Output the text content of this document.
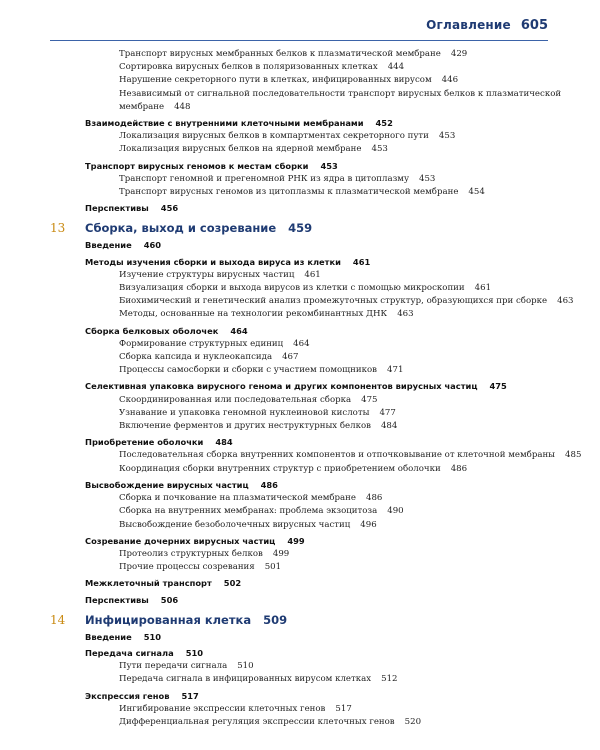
Оглавление 605
Транспорт вирусных мембранных белков к плазматической мембране 429
Сортировка вирусных белков в поляризованных клетках 444
Нарушение секреторного пути в клетках, инфицированных вирусом 446
Независимый от сигнальной последовательности транспорт вирусных белков к плазматической
мембране 448
Взаимодействие с внутренними клеточными мембранами 452
Локализация вирусных белков в компартментах секреторного пути 453
Локализация вирусных белков на ядерной мембране 453
Транспорт вирусных геномов к местам сборки 453
Транспорт геномной и прегеномной РНК из ядра в цитоплазму 453
Транспорт вирусных геномов из цитоплазмы к плазматической мембране 454
Перспективы 456
13 Сборка, выход и созревание 459
Введение 460
Методы изучения сборки и выхода вируса из клетки 461
Изучение структуры вирусных частиц 461
Визуализация сборки и выхода вирусов из клетки с помощью микроскопии 461
Биохимический и генетический анализ промежуточных структур, образующихся при сборке 463
Методы, основанные на технологии рекомбинантных ДНК 463
Сборка белковых оболочек 464
Формирование структурных единиц 464
Сборка капсида и нуклеокапсида 467
Процессы самосборки и сборки с участием помощников 471
Селективная упаковка вирусного генома и других компонентов вирусных частиц 475
Скоординированная или последовательная сборка 475
Узнавание и упаковка геномной нуклеиновой кислоты 477
Включение ферментов и других неструктурных белков 484
Приобретение оболочки 484
Последовательная сборка внутренних компонентов и отпочковывание от клеточной мембраны 485
Координация сборки внутренних структур с приобретением оболочки 486
Высвобождение вирусных частиц 486
Сборка и почкование на плазматической мембране 486
Сборка на внутренних мембранах: проблема экзоцитоза 490
Высвобождение безоболочечных вирусных частиц 496
Созревание дочерних вирусных частиц 499
Протеолиз структурных белков 499
Прочие процессы созревания 501
Межклеточный транспорт 502
Перспективы 506
14 Инфицированная клетка 509
Введение 510
Передача сигнала 510
Пути передачи сигнала 510
Передача сигнала в инфицированных вирусом клетках 512
Экспрессия генов 517
Ингибирование экспрессии клеточных генов 517
Дифференциальная регуляция экспрессии клеточных генов 520
